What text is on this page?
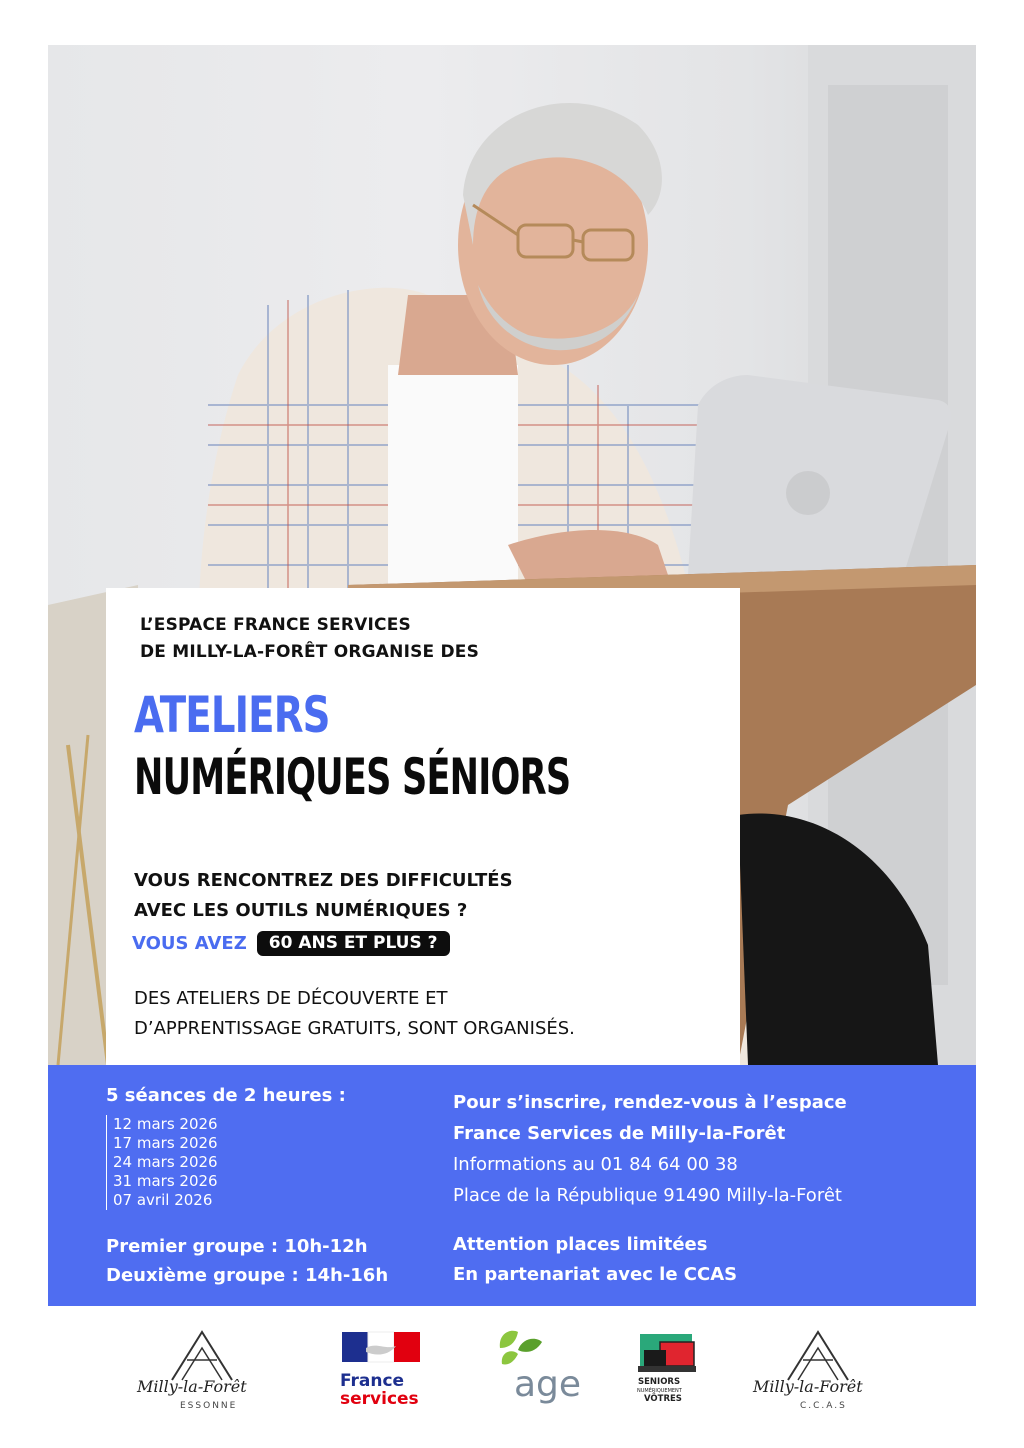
L’ESPACE FRANCE SERVICES
DE MILLY-LA-FORÊT ORGANISE DES
ATELIERS
NUMÉRIQUES SÉNIORS
VOUS RENCONTREZ DES DIFFICULTÉS
AVEC LES OUTILS NUMÉRIQUES ?
VOUS AVEZ	60 ANS ET PLUS ?
DES ATELIERS DE DÉCOUVERTE ET
D’APPRENTISSAGE GRATUITS, SONT ORGANISÉS.
5 séances de 2 heures :
12 mars 2026
17 mars 2026
24 mars 2026
31 mars 2026
07 avril 2026
Premier groupe : 10h-12h
Deuxième groupe : 14h-16h
Pour s’inscrire, rendez-vous à l’espace
France Services de Milly-la-Forêt
Informations au 01 84 64 00 38
Place de la République 91490 Milly-la-Forêt
Attention places limitées
En partenariat avec le CCAS
Milly-la-Forêt
ESSONNE
France
services	age	SENIORS
NUMÉRIQUEMENT
VÔTRES
Milly-la-Forêt
C.C.A.S
